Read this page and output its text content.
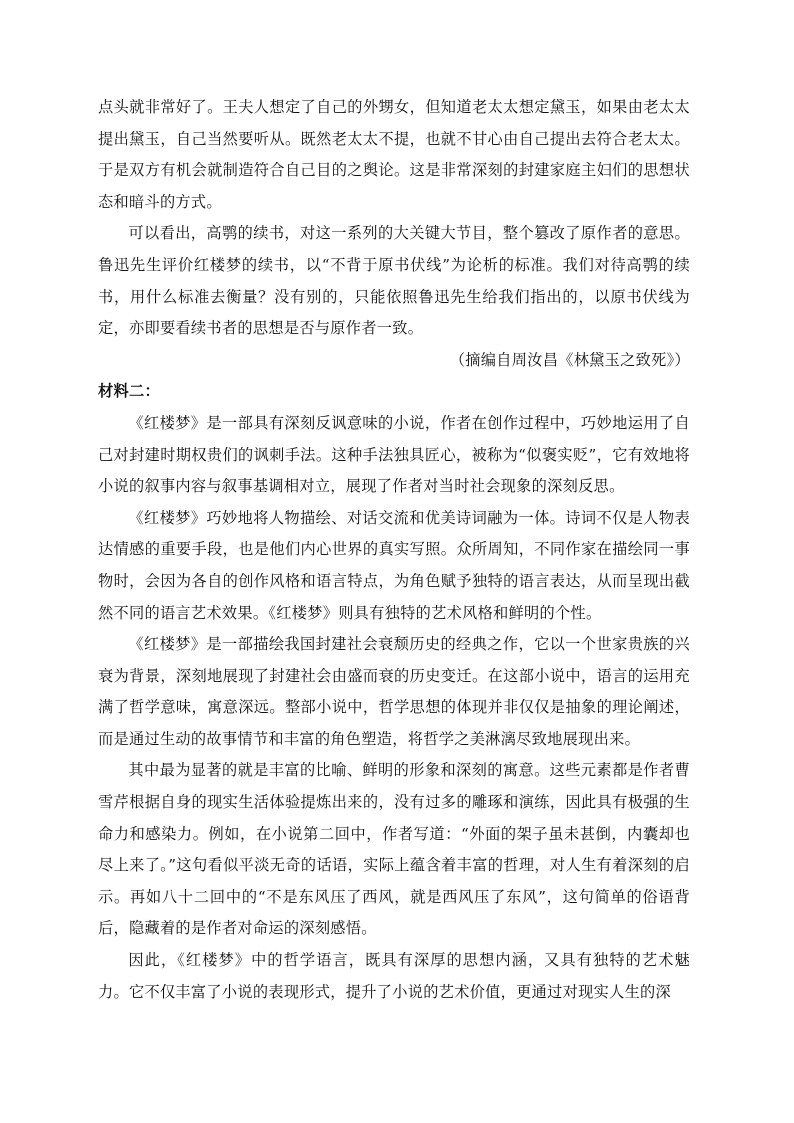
点头就非常好了。王夫人想定了自己的外甥女，但知道老太太想定黛玉，如果由老太太提出黛玉，自己当然要听从。既然老太太不提，也就不甘心由自己提出去符合老太太。于是双方有机会就制造符合自己目的之舆论。这是非常深刻的封建家庭主妇们的思想状态和暗斗的方式。

可以看出，高鹗的续书，对这一系列的大关键大节目，整个篡改了原作者的意思。鲁迅先生评价红楼梦的续书，以“不背于原书伏线”为论析的标准。我们对待高鹗的续书，用什么标准去衡量？没有别的，只能依照鲁迅先生给我们指出的，以原书伏线为定，亦即要看续书者的思想是否与原作者一致。

（摘编自周汝昌《林黛玉之致死》）

材料二：

《红楼梦》是一部具有深刻反讽意味的小说，作者在创作过程中，巧妙地运用了自己对封建时期权贵们的讽刺手法。这种手法独具匠心，被称为“似褒实贬”，它有效地将小说的叙事内容与叙事基调相对立，展现了作者对当时社会现象的深刻反思。

《红楼梦》巧妙地将人物描绘、对话交流和优美诗词融为一体。诗词不仅是人物表达情感的重要手段，也是他们内心世界的真实写照。众所周知，不同作家在描绘同一事物时，会因为各自的创作风格和语言特点，为角色赋予独特的语言表达，从而呈现出截然不同的语言艺术效果。《红楼梦》则具有独特的艺术风格和鲜明的个性。

《红楼梦》是一部描绘我国封建社会衰颓历史的经典之作，它以一个世家贵族的兴衰为背景，深刻地展现了封建社会由盛而衰的历史变迁。在这部小说中，语言的运用充满了哲学意味，寓意深远。整部小说中，哲学思想的体现并非仅仅是抽象的理论阐述，而是通过生动的故事情节和丰富的角色塑造，将哲学之美淋漓尽致地展现出来。

其中最为显著的就是丰富的比喻、鲜明的形象和深刻的寓意。这些元素都是作者曹雪芹根据自身的现实生活体验提炼出来的，没有过多的雕琢和演练，因此具有极强的生命力和感染力。例如，在小说第二回中，作者写道：“外面的架子虽未甚倒，内囊却也尽上来了。”这句看似平淡无奇的话语，实际上蕴含着丰富的哲理，对人生有着深刻的启示。再如八十二回中的“不是东风压了西风，就是西风压了东风”，这句简单的俗语背后，隐藏着的是作者对命运的深刻感悟。

因此，《红楼梦》中的哲学语言，既具有深厚的思想内涵，又具有独特的艺术魅力。它不仅丰富了小说的表现形式，提升了小说的艺术价值，更通过对现实人生的深
